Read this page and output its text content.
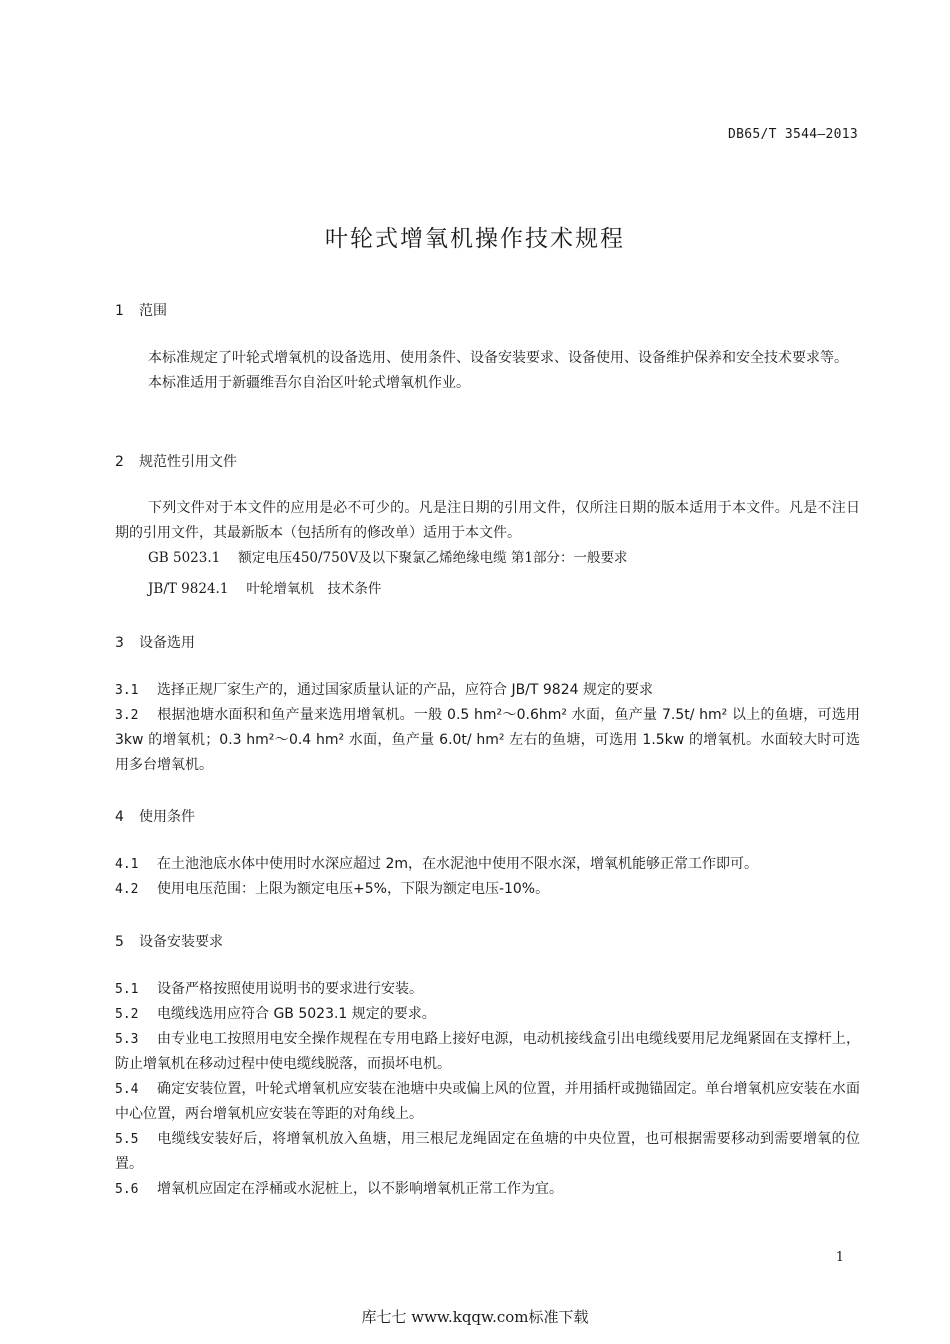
DB65/T 3544—2013
叶轮式增氧机操作技术规程
1 范围

本标准规定了叶轮式增氧机的设备选用、使用条件、设备安装要求、设备使用、设备维护保养和安全技术要求等。

本标准适用于新疆维吾尔自治区叶轮式增氧机作业。

2 规范性引用文件

下列文件对于本文件的应用是必不可少的。凡是注日期的引用文件，仅所注日期的版本适用于本文件。凡是不注日期的引用文件，其最新版本（包括所有的修改单）适用于本文件。

GB 5023.1 额定电压450/750V及以下聚氯乙烯绝缘电缆 第1部分：一般要求

JB/T 9824.1 叶轮增氧机　技术条件

3 设备选用

3.1 选择正规厂家生产的，通过国家质量认证的产品，应符合 JB/T 9824 规定的要求

3.2 根据池塘水面积和鱼产量来选用增氧机。一般 0.5 hm²～0.6hm² 水面，鱼产量 7.5t/ hm² 以上的鱼塘，可选用 3kw 的增氧机；0.3 hm²～0.4 hm² 水面，鱼产量 6.0t/ hm² 左右的鱼塘，可选用 1.5kw 的增氧机。水面较大时可选用多台增氧机。

4 使用条件

4.1 在土池池底水体中使用时水深应超过 2m，在水泥池中使用不限水深，增氧机能够正常工作即可。

4.2 使用电压范围：上限为额定电压+5%，下限为额定电压-10%。

5 设备安装要求

5.1 设备严格按照使用说明书的要求进行安装。

5.2 电缆线选用应符合 GB 5023.1 规定的要求。

5.3 由专业电工按照用电安全操作规程在专用电路上接好电源，电动机接线盒引出电缆线要用尼龙绳紧固在支撑杆上，防止增氧机在移动过程中使电缆线脱落，而损坏电机。

5.4 确定安装位置，叶轮式增氧机应安装在池塘中央或偏上风的位置，并用插杆或抛锚固定。单台增氧机应安装在水面中心位置，两台增氧机应安装在等距的对角线上。

5.5 电缆线安装好后，将增氧机放入鱼塘，用三根尼龙绳固定在鱼塘的中央位置，也可根据需要移动到需要增氧的位置。

5.6 增氧机应固定在浮桶或水泥桩上，以不影响增氧机正常工作为宜。

1
库七七 www.kqqw.com标准下载
